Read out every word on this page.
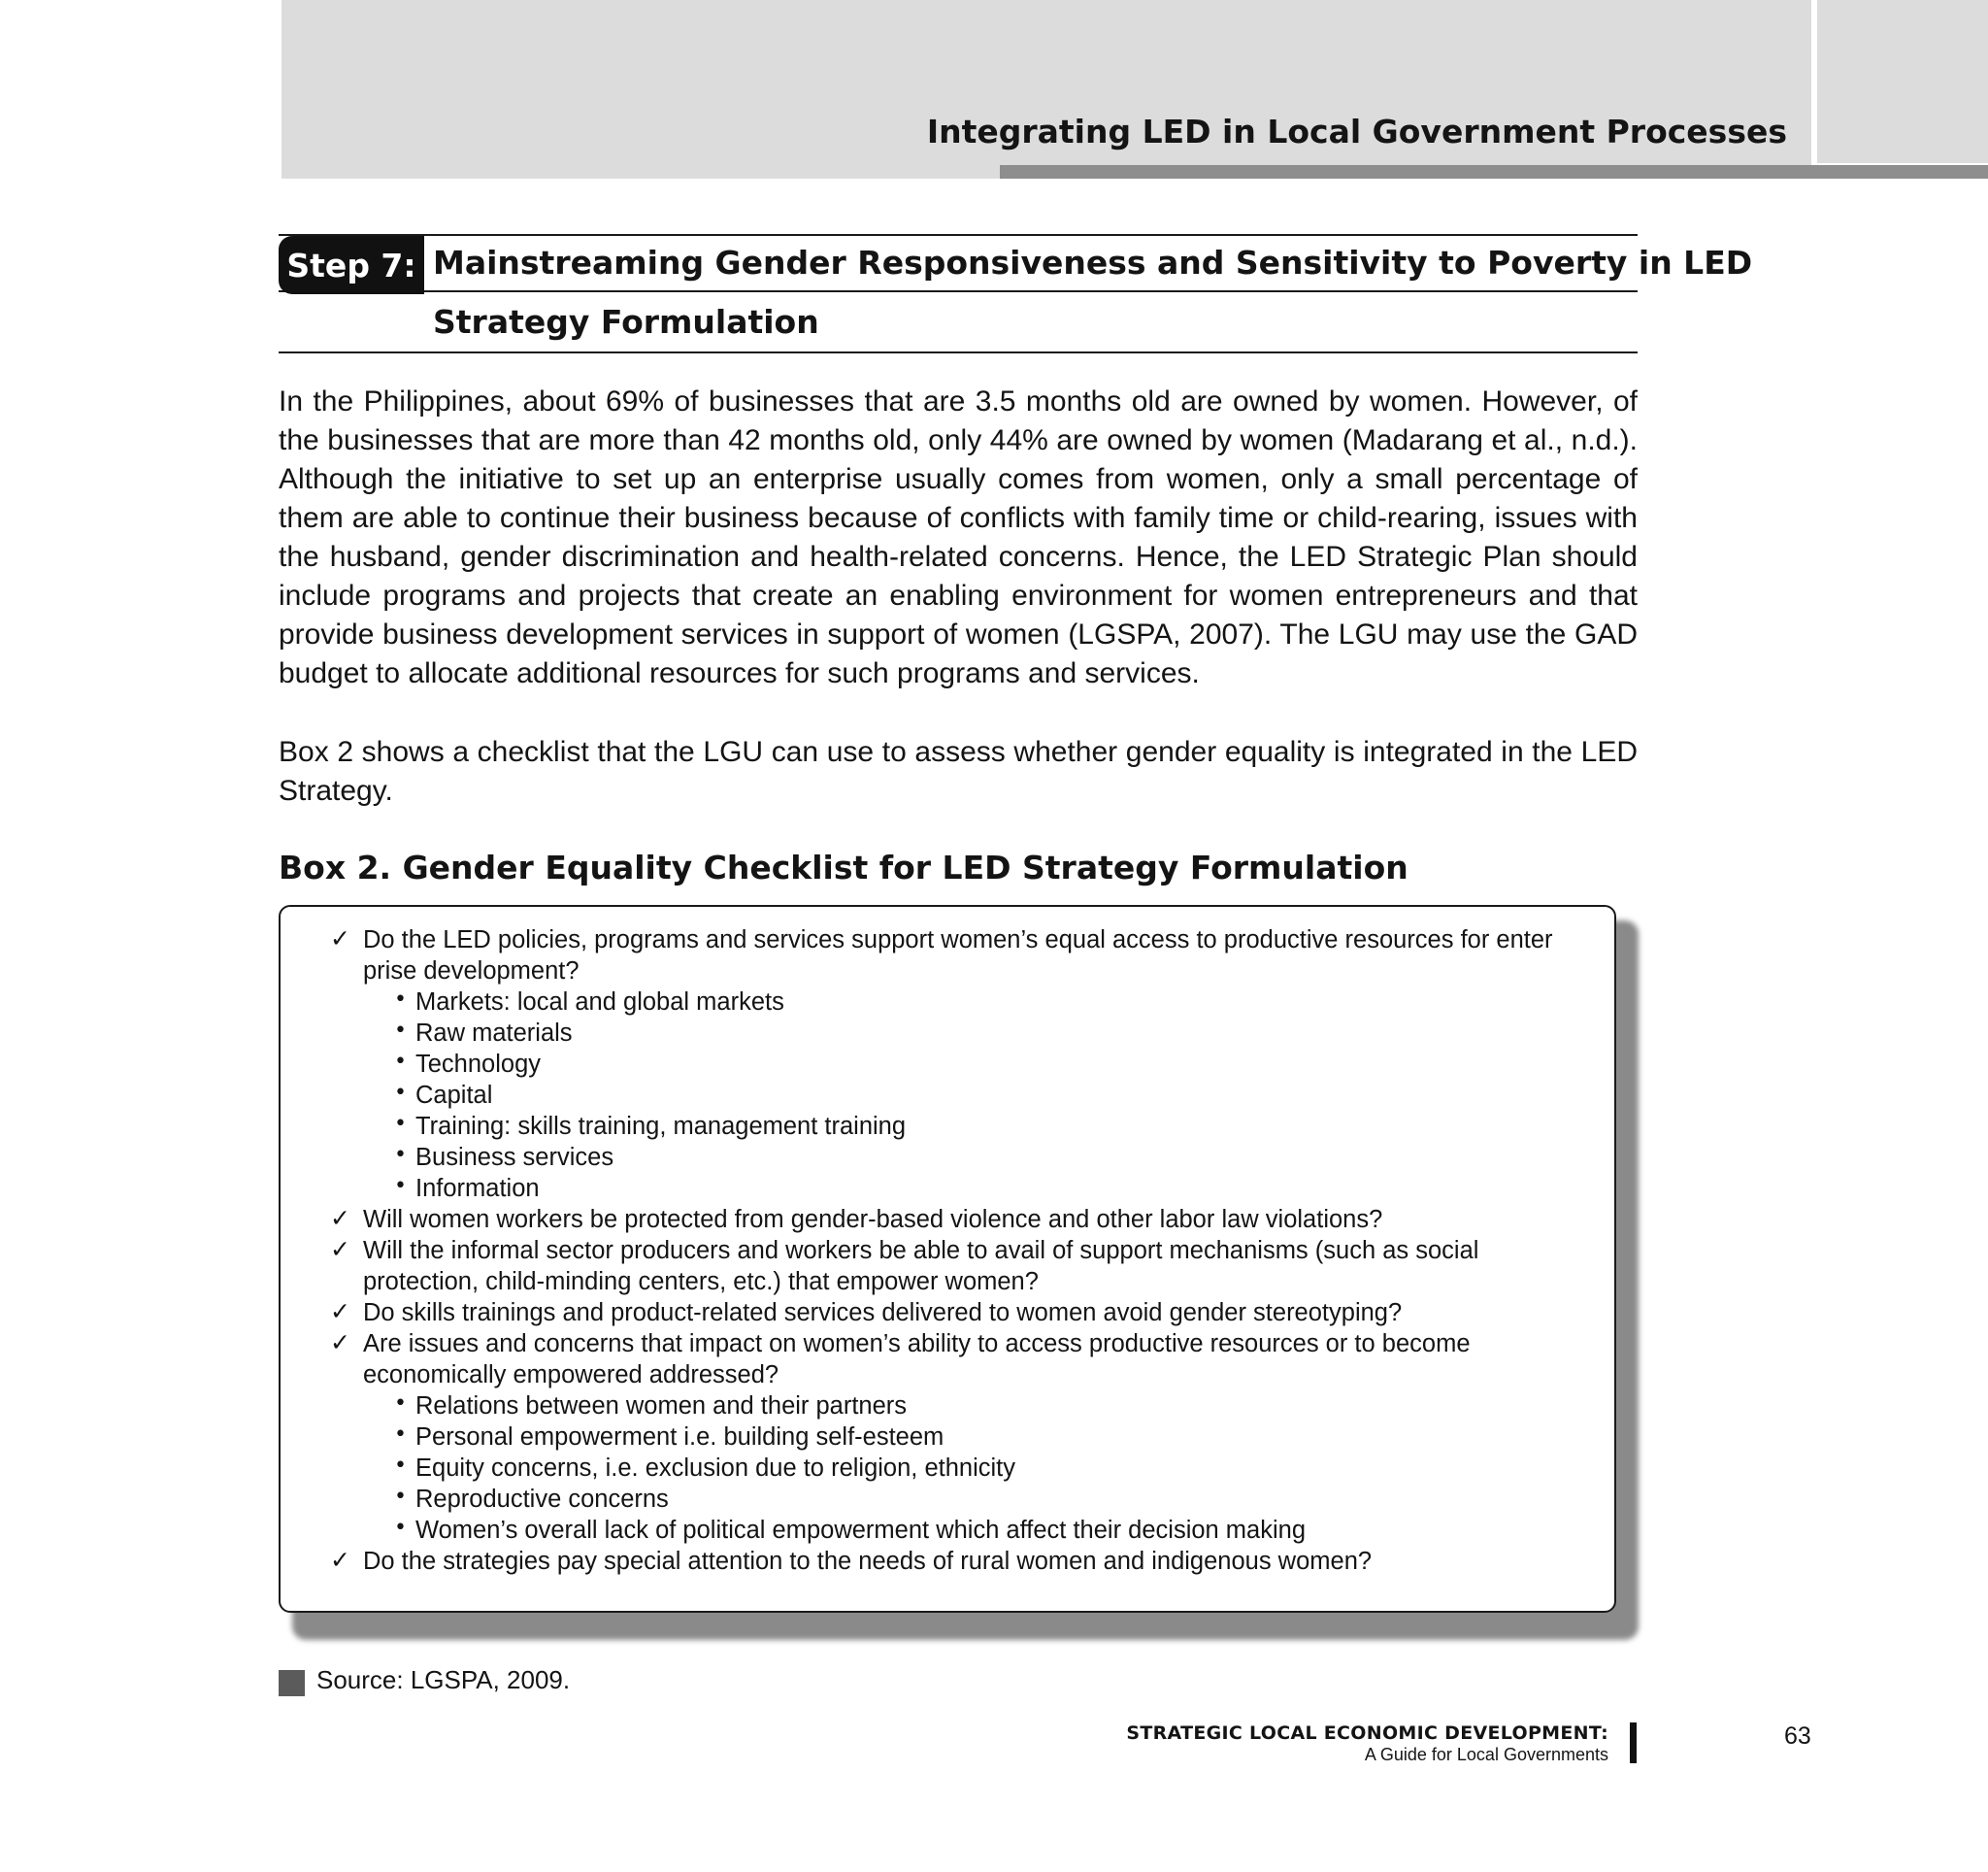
Integrating LED in Local Government Processes
Step 7: Mainstreaming Gender Responsiveness and Sensitivity to Poverty in LED
Strategy Formulation
In the Philippines, about 69% of businesses that are 3.5 months old are owned by women. However, of the businesses that are more than 42 months old, only 44% are owned by women (Madarang et al., n.d.). Although the initiative to set up an enterprise usually comes from women, only a small percentage of them are able to continue their business because of conflicts with family time or child-rearing, issues with the husband, gender discrimination and health-related concerns. Hence, the LED Strategic Plan should include programs and projects that create an enabling environment for women entrepreneurs and that provide business development services in support of women (LGSPA, 2007). The LGU may use the GAD budget to allocate additional resources for such programs and services.
Box 2 shows a checklist that the LGU can use to assess whether gender equality is integrated in the LED Strategy.
Box 2. Gender Equality Checklist for LED Strategy Formulation
✓ Do the LED policies, programs and services support women’s equal access to productive resources for enter
prise development?
• Markets: local and global markets
• Raw materials
• Technology
• Capital
• Training: skills training, management training
• Business services
• Information
✓ Will women workers be protected from gender-based violence and other labor law violations?
✓ Will the informal sector producers and workers be able to avail of support mechanisms (such as social
protection, child-minding centers, etc.) that empower women?
✓ Do skills trainings and product-related services delivered to women avoid gender stereotyping?
✓ Are issues and concerns that impact on women’s ability to access productive resources or to become
economically empowered addressed?
• Relations between women and their partners
• Personal empowerment i.e. building self-esteem
• Equity concerns, i.e. exclusion due to religion, ethnicity
• Reproductive concerns
• Women’s overall lack of political empowerment which affect their decision making
✓ Do the strategies pay special attention to the needs of rural women and indigenous women?
Source: LGSPA, 2009.
STRATEGIC LOCAL ECONOMIC DEVELOPMENT:
A Guide for Local Governments
63
